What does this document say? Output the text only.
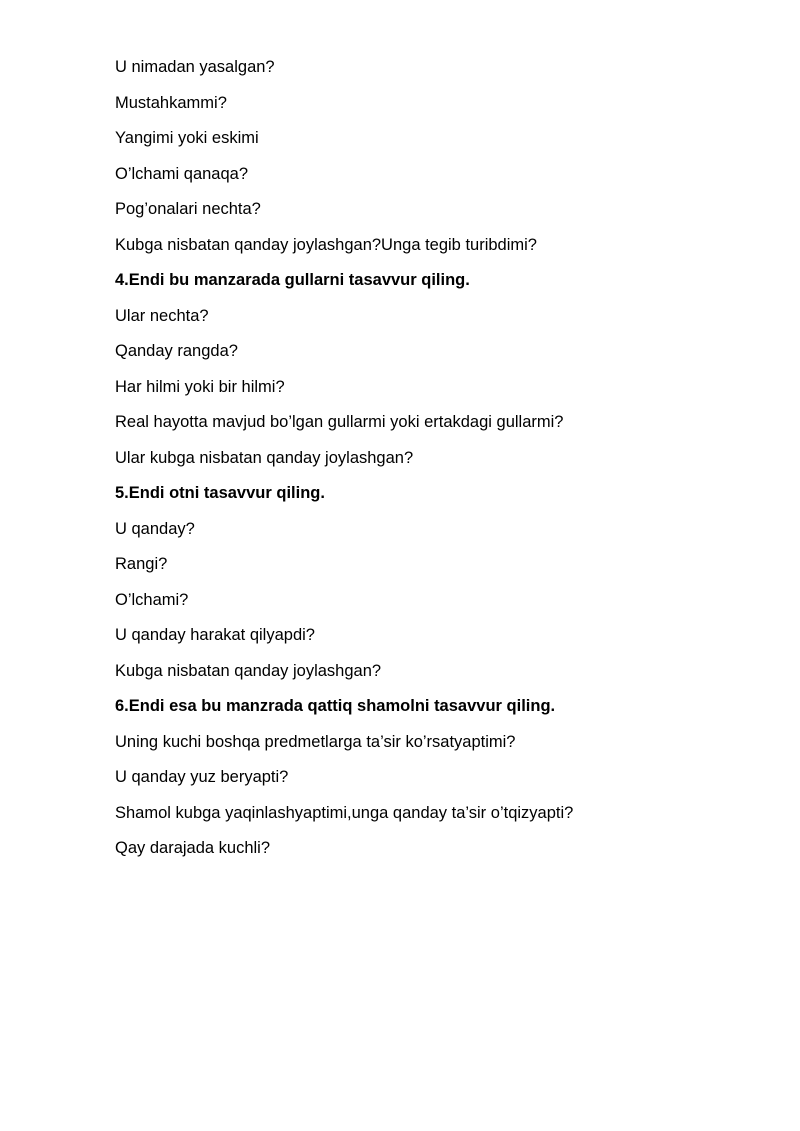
U nimadan yasalgan?

Mustahkammi?

Yangimi yoki eskimi

O’lchami qanaqa?

Pog’onalari nechta?

Kubga nisbatan qanday joylashgan?Unga tegib turibdimi?

4.Endi bu manzarada gullarni tasavvur qiling.

Ular nechta?

Qanday rangda?

Har hilmi yoki bir hilmi?

Real hayotta mavjud bo’lgan gullarmi yoki ertakdagi gullarmi?

Ular kubga nisbatan qanday joylashgan?

5.Endi otni tasavvur qiling.

U qanday?

Rangi?

O’lchami?

U qanday harakat qilyapdi?

Kubga nisbatan qanday joylashgan?

6.Endi esa bu manzrada qattiq shamolni tasavvur qiling.

Uning kuchi boshqa predmetlarga ta’sir ko’rsatyaptimi?

U qanday yuz beryapti?

Shamol kubga yaqinlashyaptimi,unga qanday ta’sir o’tqizyapti?

Qay darajada kuchli?
